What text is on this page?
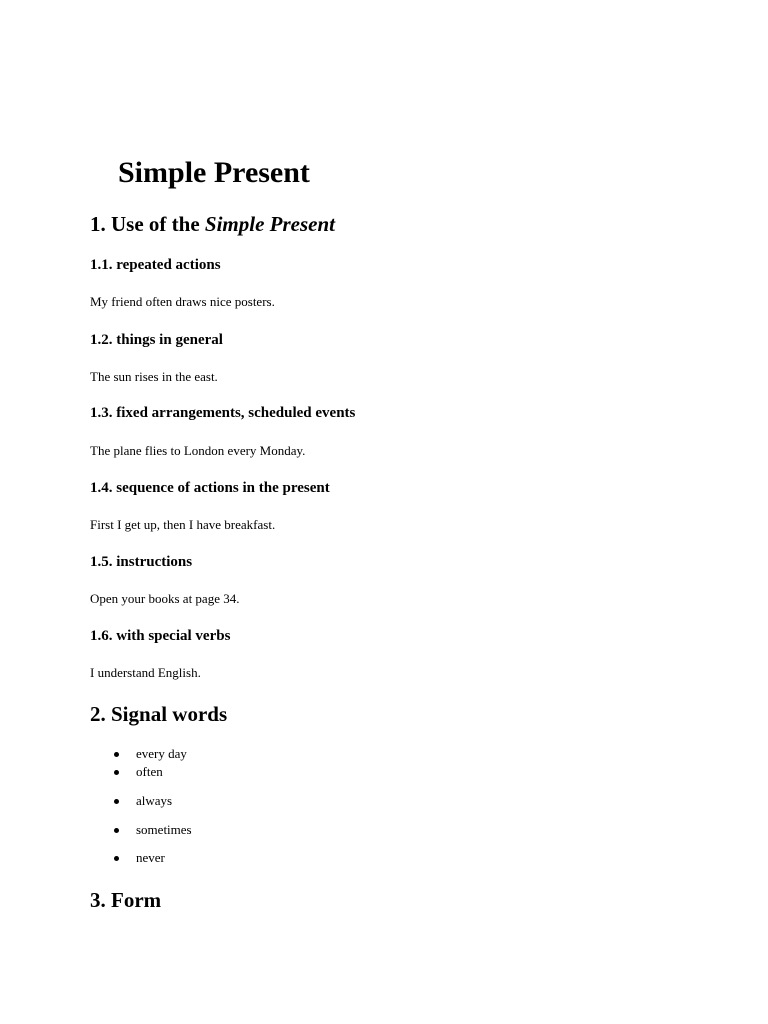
Simple Present
1. Use of the Simple Present
1.1. repeated actions

My friend often draws nice posters.

1.2. things in general

The sun rises in the east.

1.3. fixed arrangements, scheduled events

The plane flies to London every Monday.

1.4. sequence of actions in the present

First I get up, then I have breakfast.

1.5. instructions

Open your books at page 34.

1.6. with special verbs

I understand English.

2. Signal words
every day
often
always
sometimes
never
3. Form
